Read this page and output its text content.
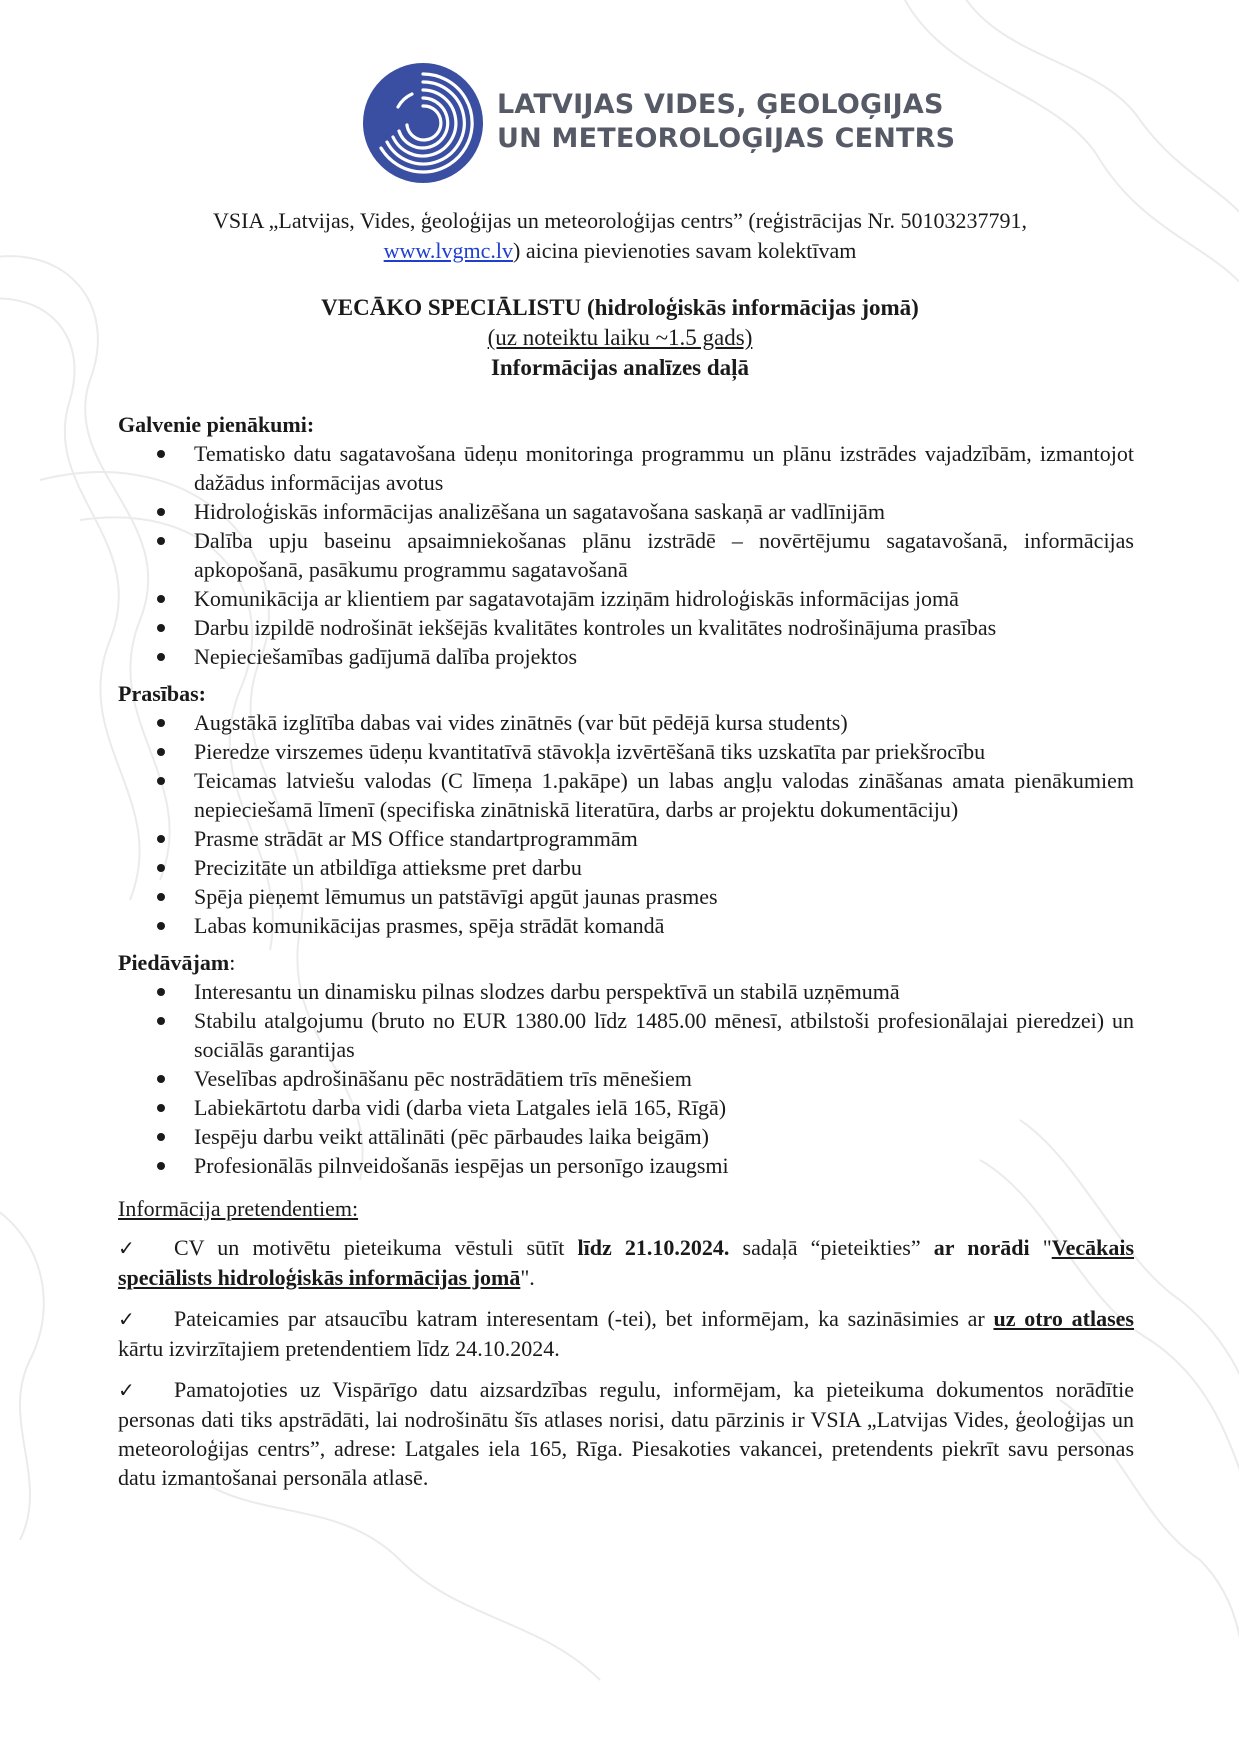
LATVIJAS VIDES, ĢEOLOĢIJAS
UN METEOROLOĢIJAS CENTRS
VSIA „Latvijas, Vides, ģeoloģijas un meteoroloģijas centrs” (reģistrācijas Nr. 50103237791,
www.lvgmc.lv) aicina pievienoties savam kolektīvam
VECĀKO SPECIĀLISTU (hidroloģiskās informācijas jomā)
(uz noteiktu laiku ~1.5 gads)
Informācijas analīzes daļā

Galvenie pienākumi:

Tematisko datu sagatavošana ūdeņu monitoringa programmu un plānu izstrādes vajadzībām, izmantojot dažādus informācijas avotus
Hidroloģiskās informācijas analizēšana un sagatavošana saskaņā ar vadlīnijām
Dalība upju baseinu apsaimniekošanas plānu izstrādē – novērtējumu sagatavošanā, informācijas apkopošanā, pasākumu programmu sagatavošanā
Komunikācija ar klientiem par sagatavotajām izziņām hidroloģiskās informācijas jomā
Darbu izpildē nodrošināt iekšējās kvalitātes kontroles un kvalitātes nodrošinājuma prasības
Nepieciešamības gadījumā dalība projektos

Prasības:

Augstākā izglītība dabas vai vides zinātnēs (var būt pēdējā kursa students)
Pieredze virszemes ūdeņu kvantitatīvā stāvokļa izvērtēšanā tiks uzskatīta par priekšrocību
Teicamas latviešu valodas (C līmeņa 1.pakāpe) un labas angļu valodas zināšanas amata pienākumiem nepieciešamā līmenī (specifiska zinātniskā literatūra, darbs ar projektu dokumentāciju)
Prasme strādāt ar MS Office standartprogrammām
Precizitāte un atbildīga attieksme pret darbu
Spēja pieņemt lēmumus un patstāvīgi apgūt jaunas prasmes
Labas komunikācijas prasmes, spēja strādāt komandā

Piedāvājam:

Interesantu un dinamisku pilnas slodzes darbu perspektīvā un stabilā uzņēmumā
Stabilu atalgojumu (bruto no EUR 1380.00 līdz 1485.00 mēnesī, atbilstoši profesionālajai pieredzei) un sociālās garantijas
Veselības apdrošināšanu pēc nostrādātiem trīs mēnešiem
Labiekārtotu darba vidi (darba vieta Latgales ielā 165, Rīgā)
Iespēju darbu veikt attālināti (pēc pārbaudes laika beigām)
Profesionālās pilnveidošanās iespējas un personīgo izaugsmi

Informācija pretendentiem:

✓ CV un motivētu pieteikuma vēstuli sūtīt līdz 21.10.2024. sadaļā “pieteikties” ar norādi "Vecākais speciālists hidroloģiskās informācijas jomā".

✓ Pateicamies par atsaucību katram interesentam (-tei), bet informējam, ka sazināsimies ar uz otro atlases kārtu izvirzītajiem pretendentiem līdz 24.10.2024.

✓ Pamatojoties uz Vispārīgo datu aizsardzības regulu, informējam, ka pieteikuma dokumentos norādītie personas dati tiks apstrādāti, lai nodrošinātu šīs atlases norisi, datu pārzinis ir VSIA „Latvijas Vides, ģeoloģijas un meteoroloģijas centrs”, adrese: Latgales iela 165, Rīga. Piesakoties vakancei, pretendents piekrīt savu personas datu izmantošanai personāla atlasē.
